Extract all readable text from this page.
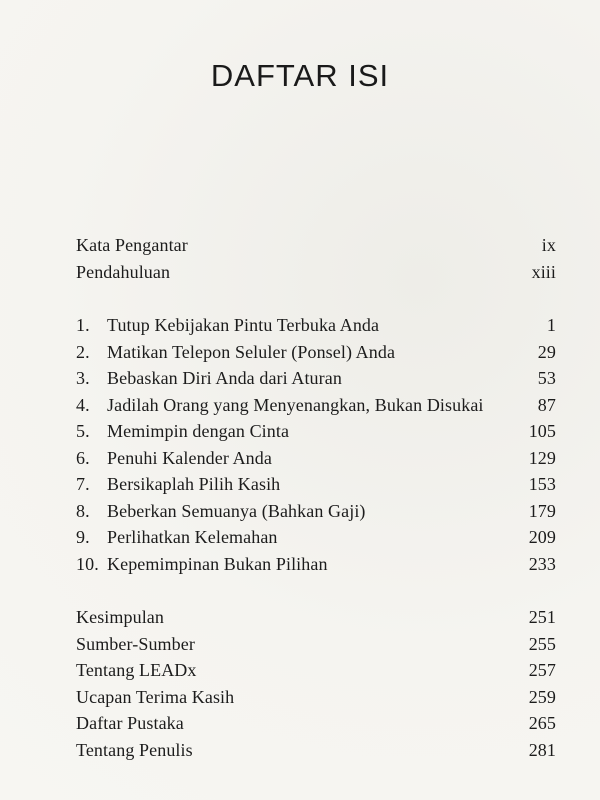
DAFTAR ISI
Kata Pengantar	ix
Pendahuluan	xiii
1. Tutup Kebijakan Pintu Terbuka Anda	1
2. Matikan Telepon Seluler (Ponsel) Anda	29
3. Bebaskan Diri Anda dari Aturan	53
4. Jadilah Orang yang Menyenangkan, Bukan Disukai	87
5. Memimpin dengan Cinta	105
6. Penuhi Kalender Anda	129
7. Bersikaplah Pilih Kasih	153
8. Beberkan Semuanya (Bahkan Gaji)	179
9. Perlihatkan Kelemahan	209
10. Kepemimpinan Bukan Pilihan	233
Kesimpulan	251
Sumber-Sumber	255
Tentang LEADx	257
Ucapan Terima Kasih	259
Daftar Pustaka	265
Tentang Penulis	281
